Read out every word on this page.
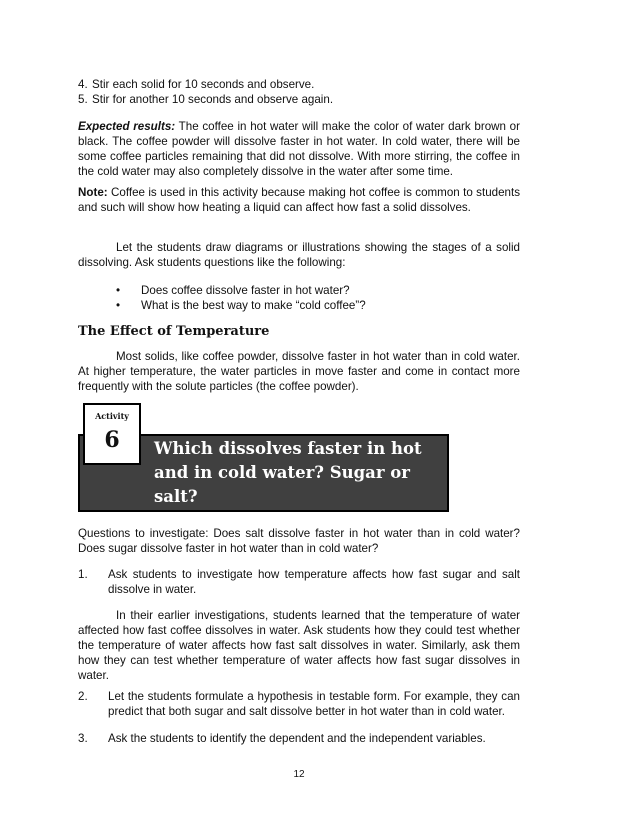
4. Stir each solid for 10 seconds and observe.
5. Stir for another 10 seconds and observe again.

Expected results: The coffee in hot water will make the color of water dark brown or black. The coffee powder will dissolve faster in hot water. In cold water, there will be some coffee particles remaining that did not dissolve. With more stirring, the coffee in the cold water may also completely dissolve in the water after some time.

Note: Coffee is used in this activity because making hot coffee is common to students and such will show how heating a liquid can affect how fast a solid dissolves.

Let the students draw diagrams or illustrations showing the stages of a solid dissolving. Ask students questions like the following:

•	Does coffee dissolve faster in hot water?
•	What is the best way to make “cold coffee”?
The Effect of Temperature

Most solids, like coffee powder, dissolve faster in hot water than in cold water. At higher temperature, the water particles in move faster and come in contact more frequently with the solute particles (the coffee powder).

Which dissolves faster in hot and in cold water? Sugar or salt?
Activity
6

Questions to investigate: Does salt dissolve faster in hot water than in cold water? Does sugar dissolve faster in hot water than in cold water?

1.	Ask students to investigate how temperature affects how fast sugar and salt dissolve in water.

In their earlier investigations, students learned that the temperature of water affected how fast coffee dissolves in water. Ask students how they could test whether the temperature of water affects how fast salt dissolves in water. Similarly, ask them how they can test whether temperature of water affects how fast sugar dissolves in water.

2.	Let the students formulate a hypothesis in testable form. For example, they can predict that both sugar and salt dissolve better in hot water than in cold water.
3.	Ask the students to identify the dependent and the independent variables.
12
